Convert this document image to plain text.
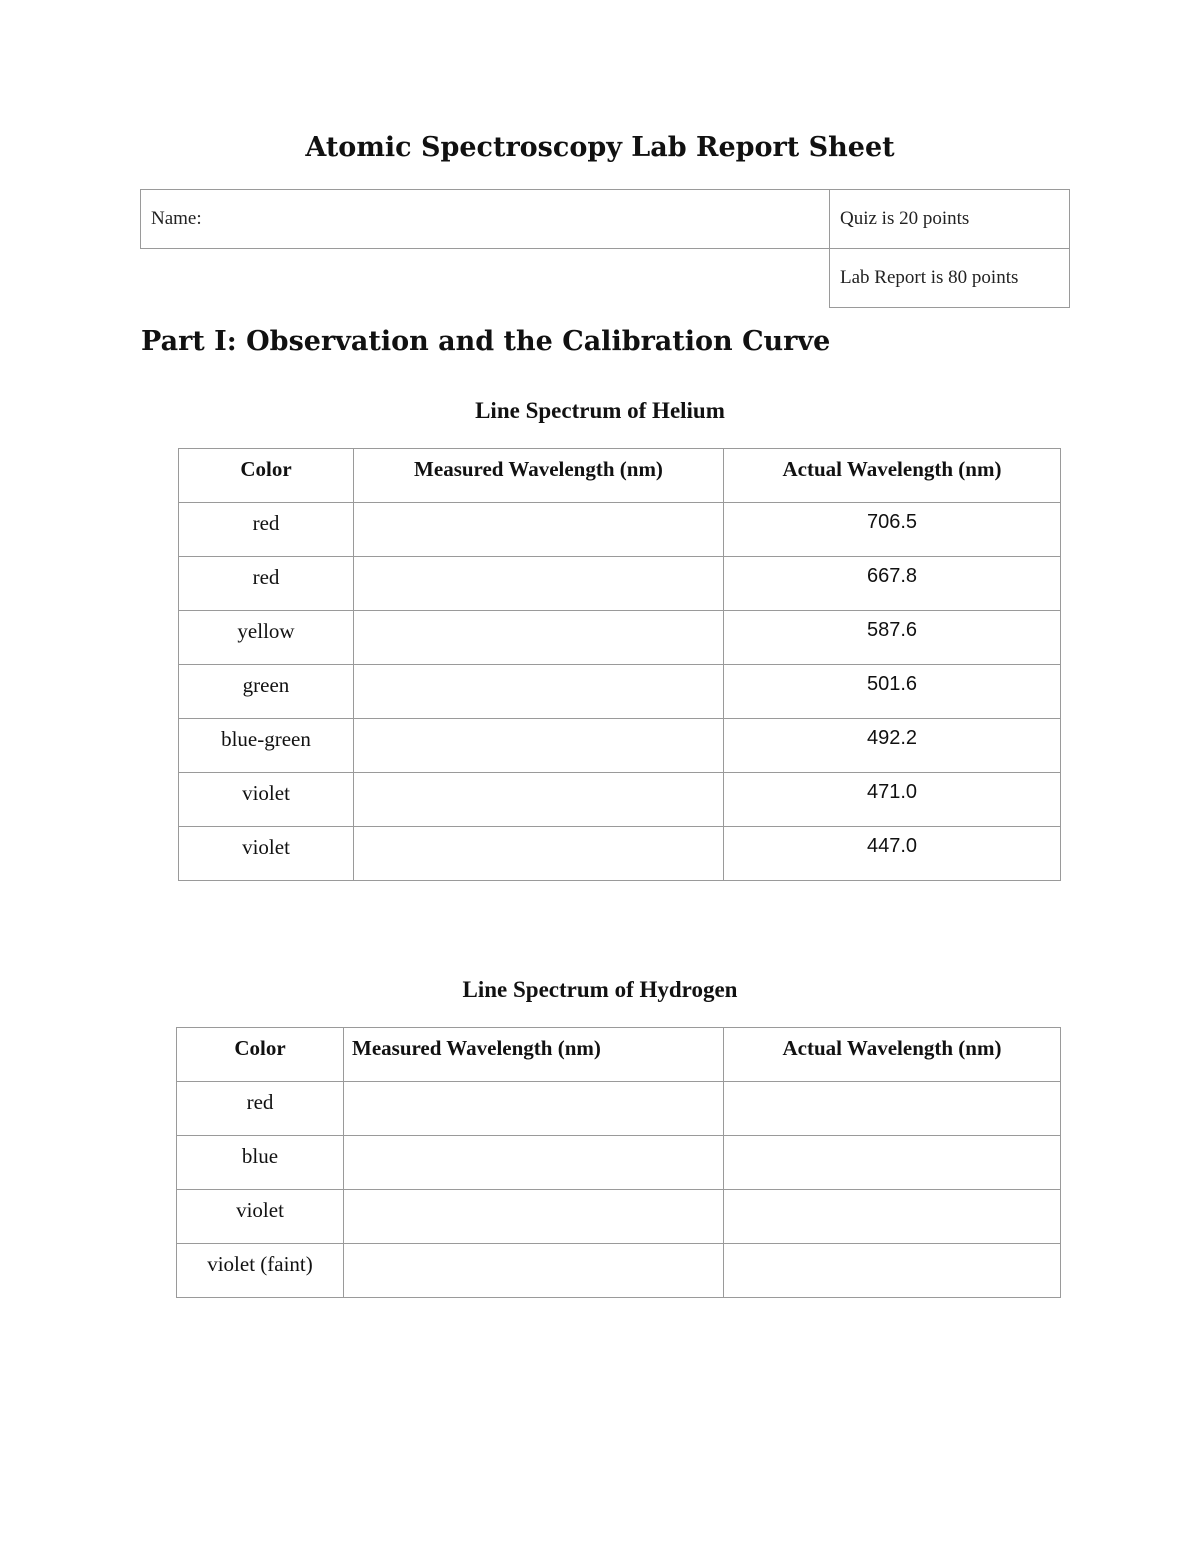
Atomic Spectroscopy Lab Report Sheet
Name:	Quiz is 20 points
	Lab Report is 80 points
Part I: Observation and the Calibration Curve
Line Spectrum of Helium
Color	Measured Wavelength (nm)	Actual Wavelength (nm)
red		706.5
red		667.8
yellow		587.6
green		501.6
blue-green		492.2
violet		471.0
violet		447.0
Line Spectrum of Hydrogen
Color	Measured Wavelength (nm)	Actual Wavelength (nm)
red		
blue		
violet		
violet (faint)		
